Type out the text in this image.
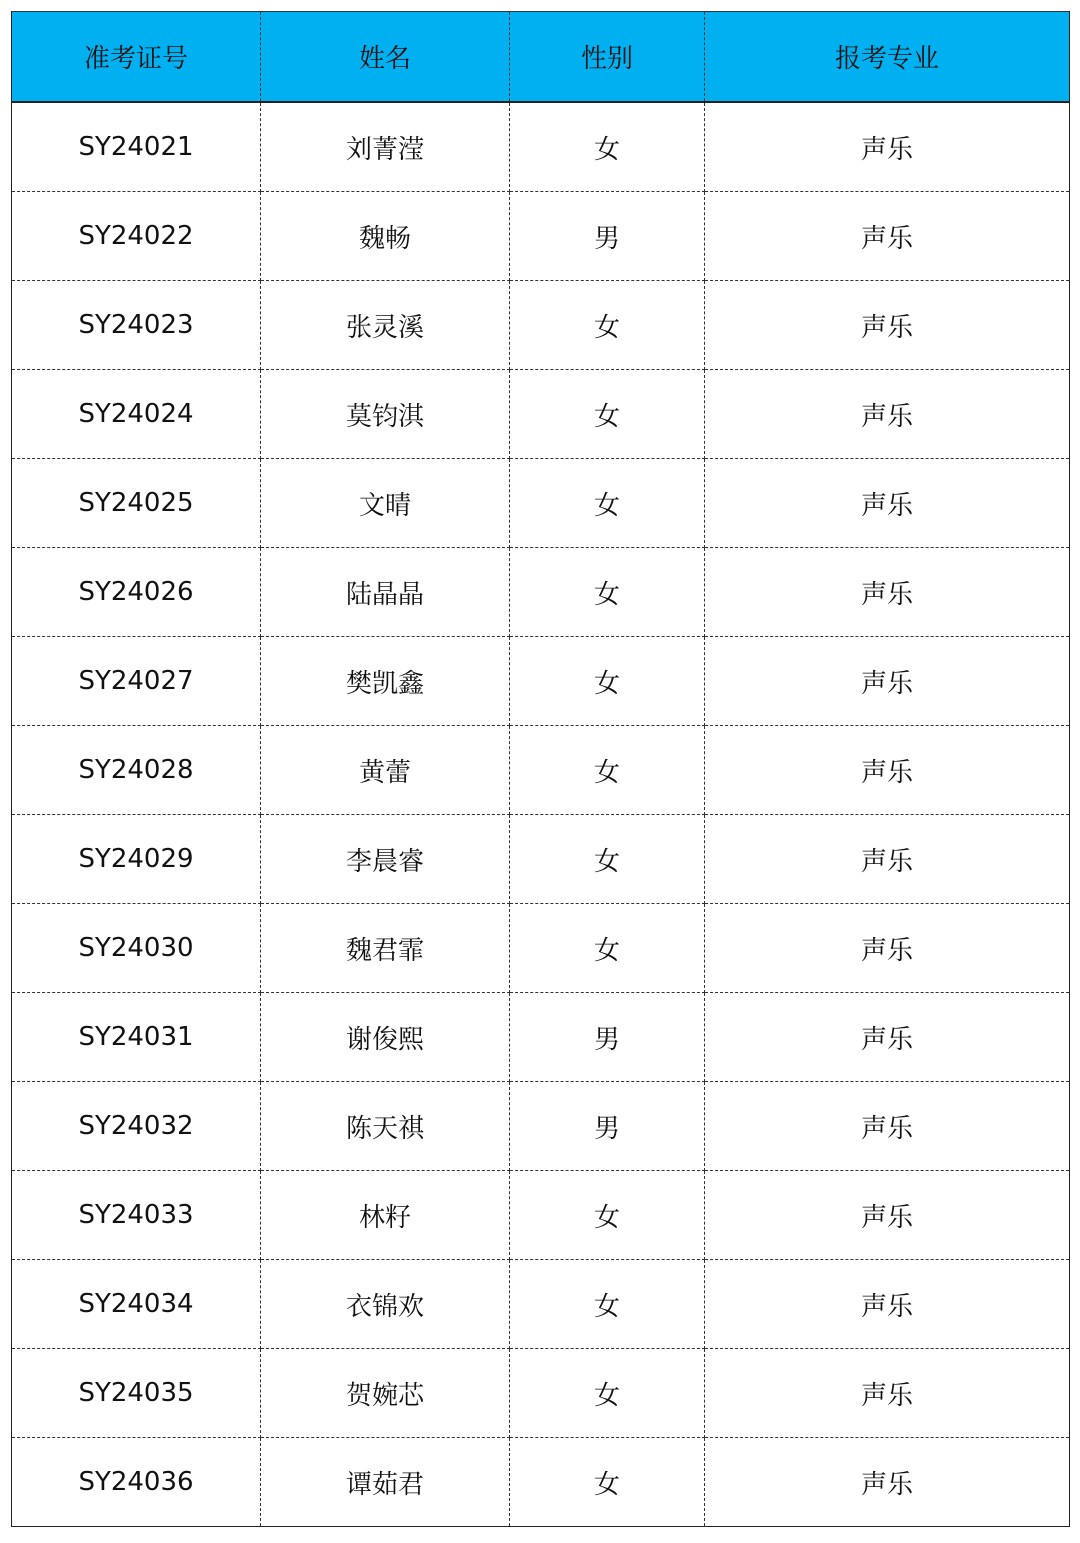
准考证号	姓名	性别	报考专业
SY24021	刘菁滢	女	声乐
SY24022	魏畅	男	声乐
SY24023	张灵溪	女	声乐
SY24024	莫钧淇	女	声乐
SY24025	文晴	女	声乐
SY24026	陆晶晶	女	声乐
SY24027	樊凯鑫	女	声乐
SY24028	黄蕾	女	声乐
SY24029	李晨睿	女	声乐
SY24030	魏君霏	女	声乐
SY24031	谢俊熙	男	声乐
SY24032	陈天祺	男	声乐
SY24033	林籽	女	声乐
SY24034	衣锦欢	女	声乐
SY24035	贺婉芯	女	声乐
SY24036	谭茹君	女	声乐
